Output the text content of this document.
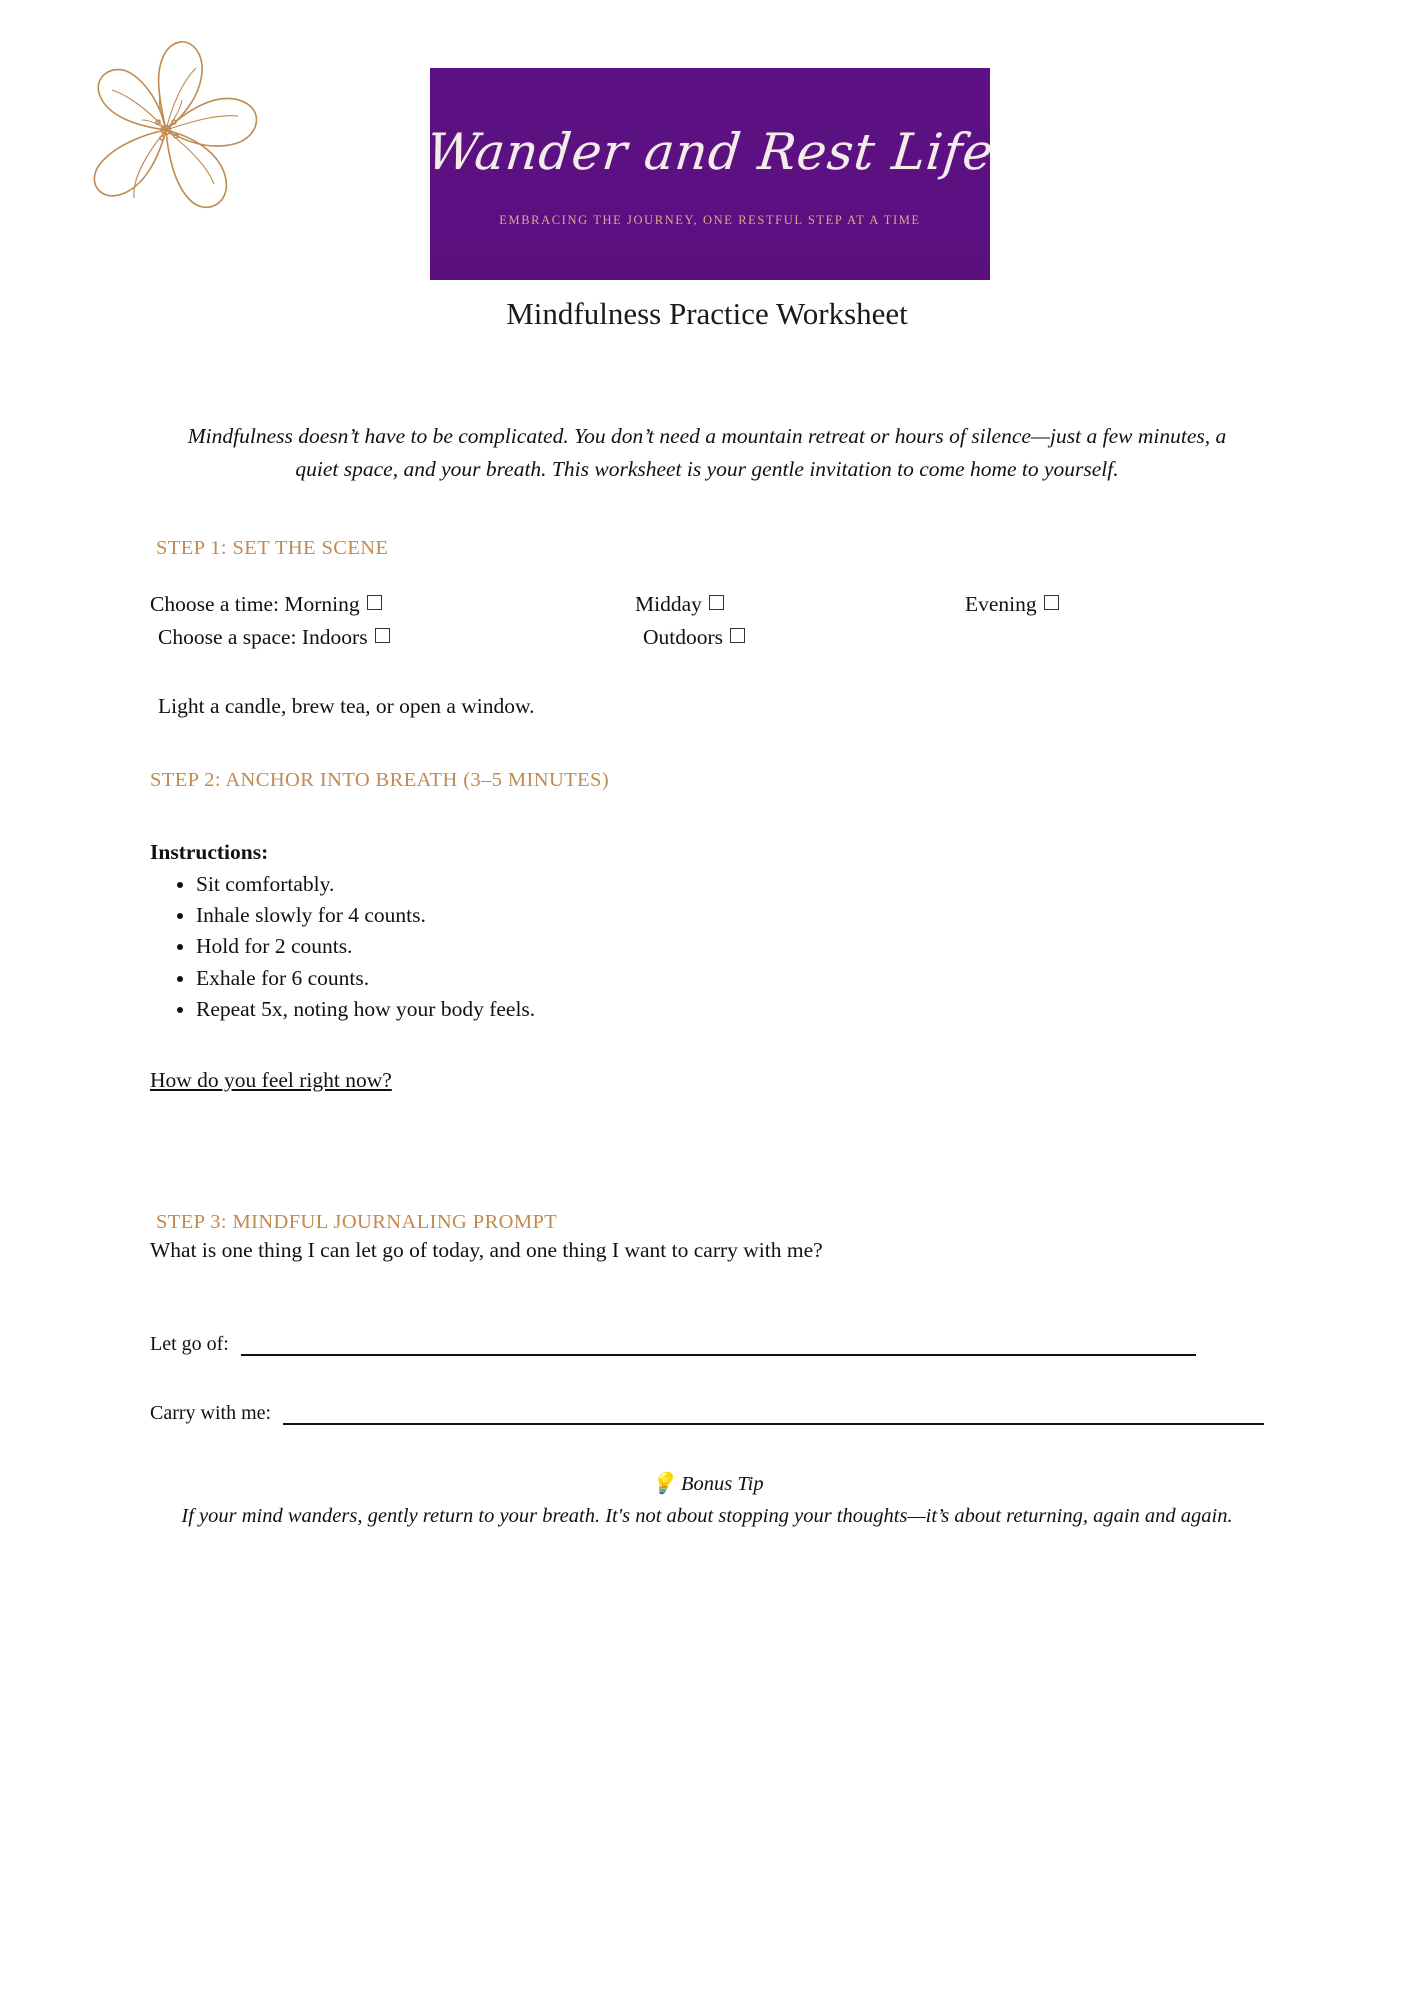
Wander and Rest Life
EMBRACING THE JOURNEY, ONE RESTFUL STEP AT A TIME
Mindfulness Practice Worksheet

Mindfulness doesn’t have to be complicated. You don’t need a mountain retreat or hours of silence—just a few minutes, a quiet space, and your breath. This worksheet is your gentle invitation to come home to yourself.

STEP 1: SET THE SCENE
Choose a time: Morning	Midday	Evening
Choose a space: Indoors	Outdoors
Light a candle, brew tea, or open a window.
STEP 2: ANCHOR INTO BREATH (3–5 MINUTES)
Instructions:
• Sit comfortably.
• Inhale slowly for 4 counts.
• Hold for 2 counts.
• Exhale for 6 counts.
• Repeat 5x, noting how your body feels.
How do you feel right now?
STEP 3: MINDFUL JOURNALING PROMPT
What is one thing I can let go of today, and one thing I want to carry with me?
Let go of:
Carry with me:
💡 Bonus Tip
If your mind wanders, gently return to your breath. It's not about stopping your thoughts—it’s about returning, again and again.
